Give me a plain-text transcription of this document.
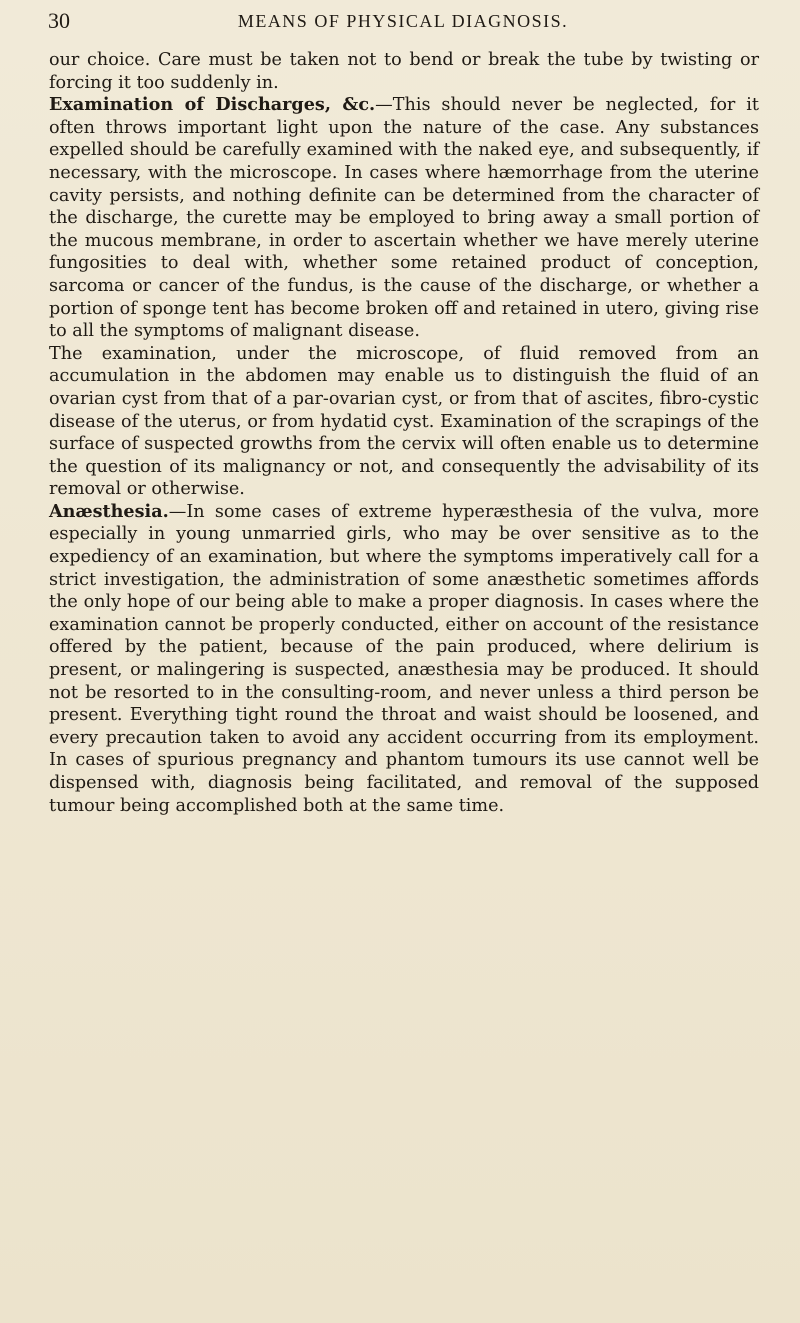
30	MEANS OF PHYSICAL DIAGNOSIS.

our choice. Care must be taken not to bend or break the tube by twisting or forcing it too suddenly in.

Examination of Discharges, &c.—This should never be neglected, for it often throws important light upon the nature of the case. Any substances expelled should be carefully examined with the naked eye, and subsequently, if necessary, with the microscope. In cases where hæmorrhage from the uterine cavity persists, and nothing definite can be determined from the character of the discharge, the curette may be employed to bring away a small portion of the mucous membrane, in order to ascertain whether we have merely uterine fungosities to deal with, whether some retained product of conception, sarcoma or cancer of the fundus, is the cause of the discharge, or whether a portion of sponge tent has become broken off and retained in utero, giving rise to all the symptoms of malignant disease.

The examination, under the microscope, of fluid removed from an accumulation in the abdomen may enable us to distinguish the fluid of an ovarian cyst from that of a par-ovarian cyst, or from that of ascites, fibro-cystic disease of the uterus, or from hydatid cyst. Examination of the scrapings of the surface of suspected growths from the cervix will often enable us to determine the question of its malignancy or not, and consequently the advisability of its removal or otherwise.

Anæsthesia.—In some cases of extreme hyperæsthesia of the vulva, more especially in young unmarried girls, who may be over sensitive as to the expediency of an examination, but where the symptoms imperatively call for a strict investigation, the administration of some anæsthetic sometimes affords the only hope of our being able to make a proper diagnosis. In cases where the examination cannot be properly conducted, either on account of the resistance offered by the patient, because of the pain produced, where delirium is present, or malingering is suspected, anæsthesia may be produced. It should not be resorted to in the consulting-room, and never unless a third person be present. Everything tight round the throat and waist should be loosened, and every precaution taken to avoid any accident occurring from its employment. In cases of spurious pregnancy and phantom tumours its use cannot well be dispensed with, diagnosis being facilitated, and removal of the supposed tumour being accomplished both at the same time.
